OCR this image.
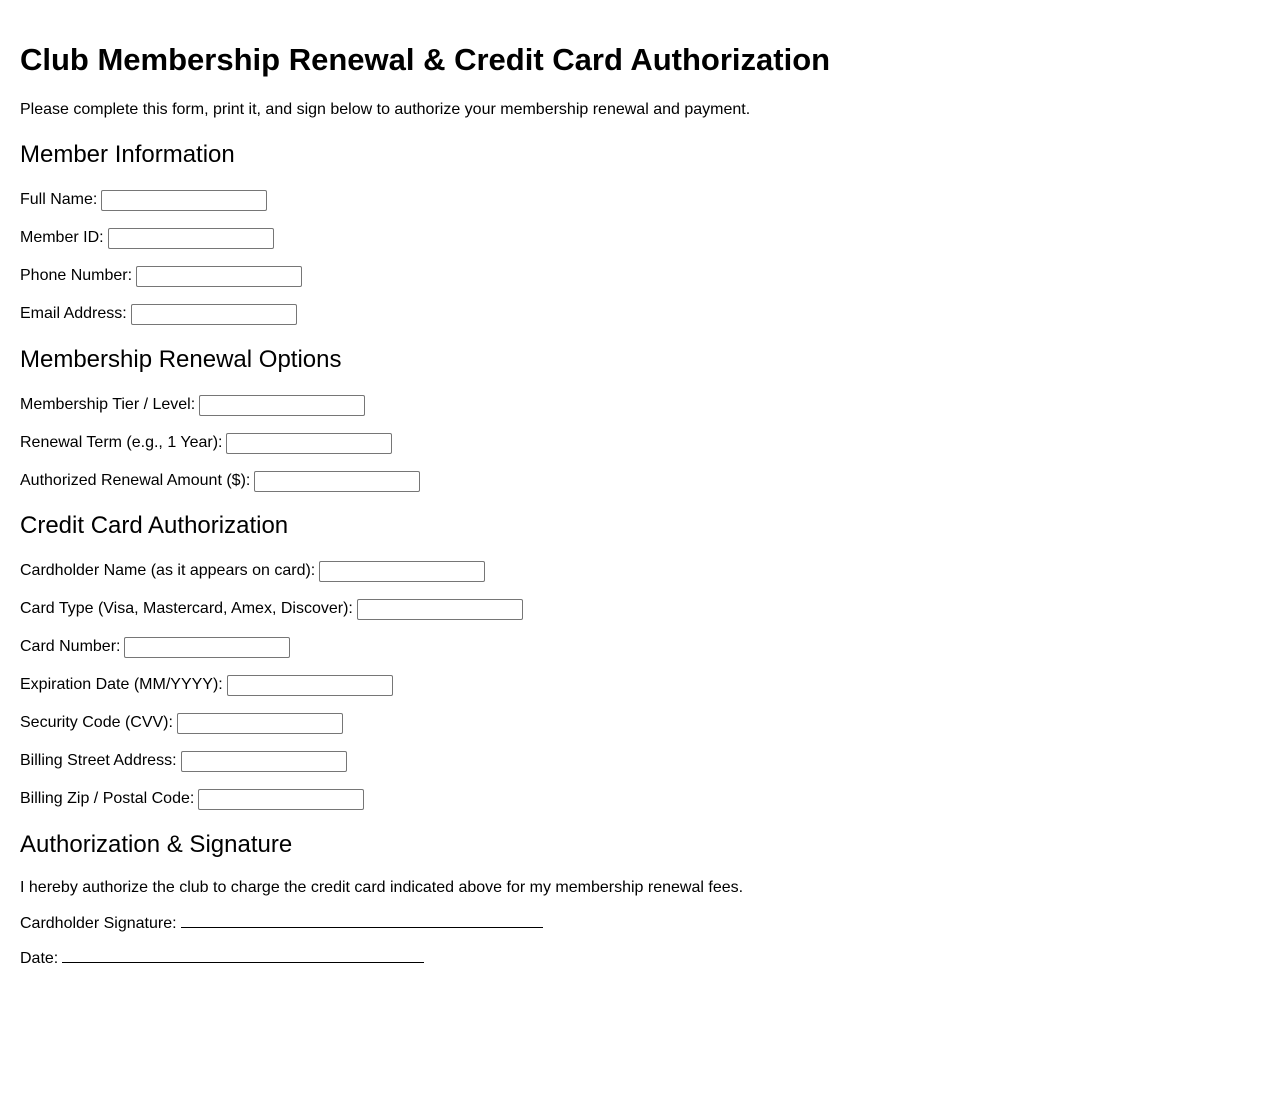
Club Membership Renewal & Credit Card Authorization
Please complete this form, print it, and sign below to authorize your membership renewal and payment.
Member Information
Full Name:
Member ID:
Phone Number:
Email Address:
Membership Renewal Options
Membership Tier / Level:
Renewal Term (e.g., 1 Year):
Authorized Renewal Amount ($):
Credit Card Authorization
Cardholder Name (as it appears on card):
Card Type (Visa, Mastercard, Amex, Discover):
Card Number:
Expiration Date (MM/YYYY):
Security Code (CVV):
Billing Street Address:
Billing Zip / Postal Code:
Authorization & Signature
I hereby authorize the club to charge the credit card indicated above for my membership renewal fees.
Cardholder Signature:
Date:
